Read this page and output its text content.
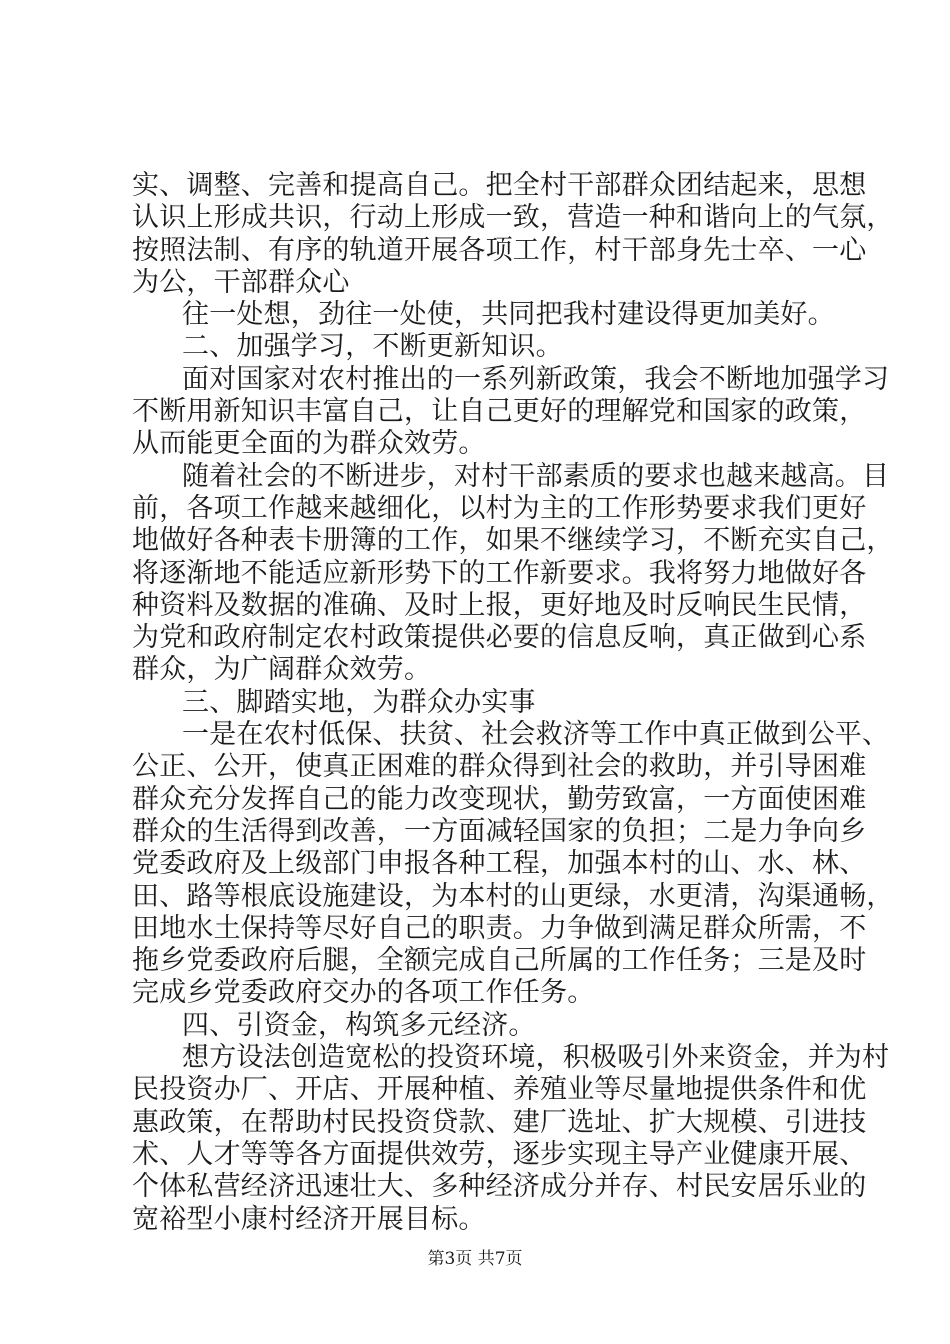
实、调整、完善和提高自己。把全村干部群众团结起来，思想
认识上形成共识，行动上形成一致，营造一种和谐向上的气氛，
按照法制、有序的轨道开展各项工作，村干部身先士卒、一心
为公，干部群众心
往一处想，劲往一处使，共同把我村建设得更加美好。
二、加强学习，不断更新知识。
面对国家对农村推出的一系列新政策，我会不断地加强学习
不断用新知识丰富自己，让自己更好的理解党和国家的政策，
从而能更全面的为群众效劳。
随着社会的不断进步，对村干部素质的要求也越来越高。目
前，各项工作越来越细化，以村为主的工作形势要求我们更好
地做好各种表卡册簿的工作，如果不继续学习，不断充实自己，
将逐渐地不能适应新形势下的工作新要求。我将努力地做好各
种资料及数据的准确、及时上报，更好地及时反响民生民情，
为党和政府制定农村政策提供必要的信息反响，真正做到心系
群众，为广阔群众效劳。
三、脚踏实地，为群众办实事
一是在农村低保、扶贫、社会救济等工作中真正做到公平、
公正、公开，使真正困难的群众得到社会的救助，并引导困难
群众充分发挥自己的能力改变现状，勤劳致富，一方面使困难
群众的生活得到改善，一方面减轻国家的负担；二是力争向乡
党委政府及上级部门申报各种工程，加强本村的山、水、林、
田、路等根底设施建设，为本村的山更绿，水更清，沟渠通畅，
田地水土保持等尽好自己的职责。力争做到满足群众所需，不
拖乡党委政府后腿，全额完成自己所属的工作任务；三是及时
完成乡党委政府交办的各项工作任务。
四、引资金，构筑多元经济。
想方设法创造宽松的投资环境，积极吸引外来资金，并为村
民投资办厂、开店、开展种植、养殖业等尽量地提供条件和优
惠政策，在帮助村民投资贷款、建厂选址、扩大规模、引进技
术、人才等等各方面提供效劳，逐步实现主导产业健康开展、
个体私营经济迅速壮大、多种经济成分并存、村民安居乐业的
宽裕型小康村经济开展目标。
第3页 共7页
